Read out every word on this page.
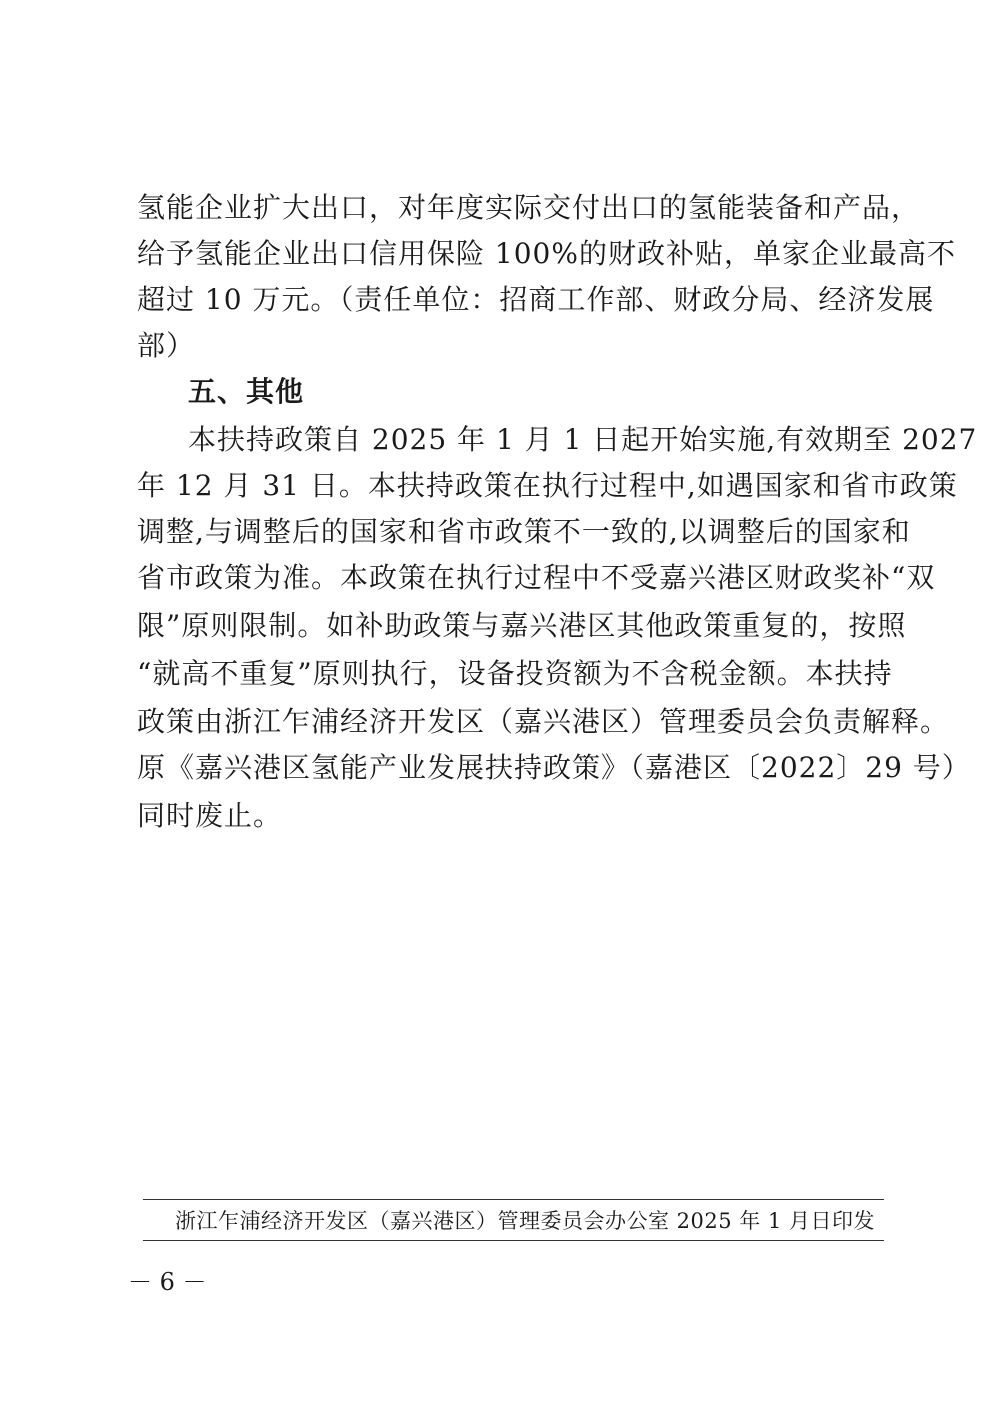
氢能企业扩大出口，对年度实际交付出口的氢能装备和产品，
给予氢能企业出口信用保险 100%的财政补贴，单家企业最高不
超过 10 万元。（责任单位：招商工作部、财政分局、经济发展
部）
五、其他
本扶持政策自 2025 年 1 月 1 日起开始实施,有效期至 2027
年 12 月 31 日。本扶持政策在执行过程中,如遇国家和省市政策
调整,与调整后的国家和省市政策不一致的,以调整后的国家和
省市政策为准。本政策在执行过程中不受嘉兴港区财政奖补“双
限”原则限制。如补助政策与嘉兴港区其他政策重复的，按照
“就高不重复”原则执行，设备投资额为不含税金额。本扶持
政策由浙江乍浦经济开发区（嘉兴港区）管理委员会负责解释。
原《嘉兴港区氢能产业发展扶持政策》（嘉港区〔2022〕29 号）
同时废止。
浙江乍浦经济开发区（嘉兴港区）管理委员会办公室 2025 年 1 月日印发
－ 6 －
